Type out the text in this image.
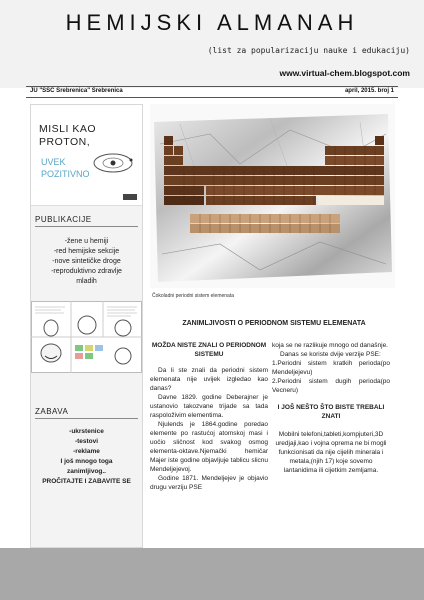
HEMIJSKI ALMANAH
(list za popularizaciju nauke i edukaciju)
www.virtual-chem.blogspot.com
JU "SSC Srebrenica" Srebrenica	april, 2015. broj 1
MISLI KAO
PROTON,
UVEK
POZITIVNO
PUBLIKACIJE
-žene u hemiji
-red hemijske sekcije
-nove sintetičke droge
-reproduktivno zdravlje
mladih
ZABAVA
-ukrstenice
-testovi
-reklame
I još mnogo toga
zanimljivog..
PROČITAJTE I ZABAVITE SE
Čokoladni periodni sistem elemenata
ZANIMLJIVOSTI O PERIODNOM SISTEMU ELEMENATA

MOŽDA NISTE ZNALI O PERIODNOM SISTEMU

Da li ste znali da periodni sistem elemenata nije uvijek izgledao kao danas?

Davne 1829. godine Deberajner je ustanovio takozvane trijade sa tada raspoloživim elementima.

Njulends je 1864.godine poredao elemente po rastućoj atomskoj masi i uočio sličnost kod svakog osmog elementa-oktave.Njemački hemičar Majer iste godine objavljuje tablicu slicnu Mendeljejevoj.

Godine 1871. Mendeljejev je objavio drugu verziju PSE

koja se ne razlikuje mnogo od današnje.

Danas se koriste dvije verzije PSE:

1.Periodni sistem kratkih perioda(po Mendeljejevu)

2.Periodni sistem dugih perioda(po Vecneru)

I JOŠ NEŠTO ŠTO BISTE TREBALI ZNATI

Mobilni telefoni,tableti,kompjuteri,3D uredjaji,kao i vojna oprema ne bi mogli funkcionisati da nije cijelih minerala i metala,(njih 17) koje sovemo lantanidima ili cijetkim zemljama.
